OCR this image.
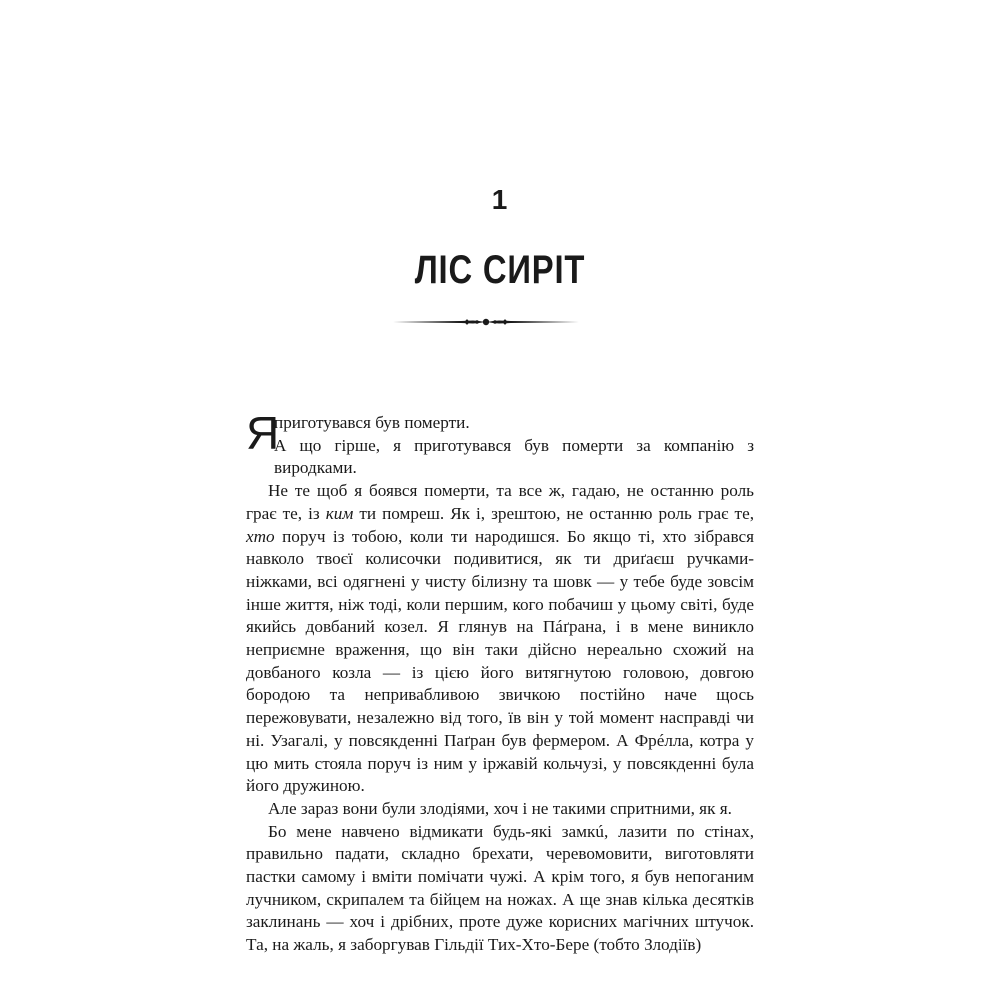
1
ЛІС СИРІТ

Я
приготувався був померти.

А що гірше, я приготувався був померти за компанію з виродками.

Не те щоб я боявся померти, та все ж, гадаю, не останню роль грає те, із ким ти помреш. Як і, зрештою, не останню роль грає те, хто поруч із тобою, коли ти народишся. Бо якщо ті, хто зібрався навколо твоєї колисочки подивитися, як ти дриґаєш ручками-ніжками, всі одягнені у чисту білизну та шовк — у тебе буде зовсім інше життя, ніж тоді, коли першим, кого побачиш у цьому світі, буде якийсь довбаний козел. Я глянув на Пáґрана, і в мене виникло неприємне враження, що він таки дійсно нереально схожий на довбаного козла — із цією його витягнутою головою, довгою бородою та непривабливою звичкою постійно наче щось пережовувати, незалежно від того, їв він у той момент насправді чи ні. Узагалі, у повсякденні Паґран був фермером. А Фрéлла, котра у цю мить стояла поруч із ним у іржавій кольчузі, у повсякденні була його дружиною.

Але зараз вони були злодіями, хоч і не такими спритними, як я.

Бо мене навчено відмикати будь-які замкú, лазити по стінах, правильно падати, складно брехати, черевомовити, виготовляти пастки самому і вміти помічати чужі. А крім того, я був непоганим лучником, скрипалем та бійцем на ножах. А ще знав кілька десятків заклинань — хоч і дрібних, проте дуже корисних магічних штучок. Та, на жаль, я заборгував Гільдії Тих-Хто-Бере (тобто Злодіїв)
